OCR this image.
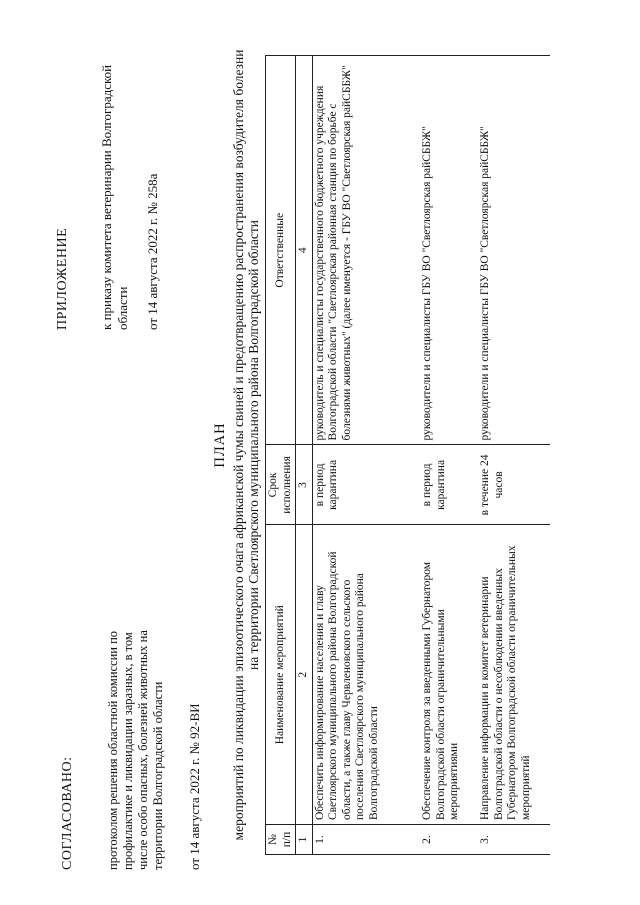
СОГЛАСОВАНО: протоколом решения областной комиссии по профилактике и ликвидации заразных, в том числе особо опасных, болезней животных на территории Волгоградской области от 14 августа 2022 г. № 92-ВИ
ПРИЛОЖЕНИЕ к приказу комитета ветеринарии Волгоградской области от 14 августа 2022 г. № 258а
ПЛАН мероприятий по ликвидации эпизоотического очага африканской чумы свиней и предотвращению распространения возбудителя болезни на территории Светлоярского муниципального района Волгоградской области
№ п/п	Наименование мероприятий	Срок исполнения	Ответственные
1	2	3	4
1.	Обеспечить информирование населения и главу Светлоярского муниципального района Волгоградской области, а также главу Червленовского сельского поселения Светлоярского муниципального района Волгоградской области	в период карантина	руководитель и специалисты государственного бюджетного учреждения Волгоградской области "Светлоярская районная станция по борьбе с болезнями животных" (далее именуется - ГБУ ВО "Светлоярская райСББЖ"
2.	Обеспечение контроля за введенными Губернатором Волгоградской области ограничительными мероприятиями	в период карантина	руководители и специалисты ГБУ ВО "Светлоярская райСББЖ"
3.	Направление информации в комитет ветеринарии Волгоградской области о несоблюдении введенных Губернатором Волгоградской области ограничительных мероприятий	в течение 24 часов	руководители и специалисты ГБУ ВО "Светлоярская райСББЖ"
